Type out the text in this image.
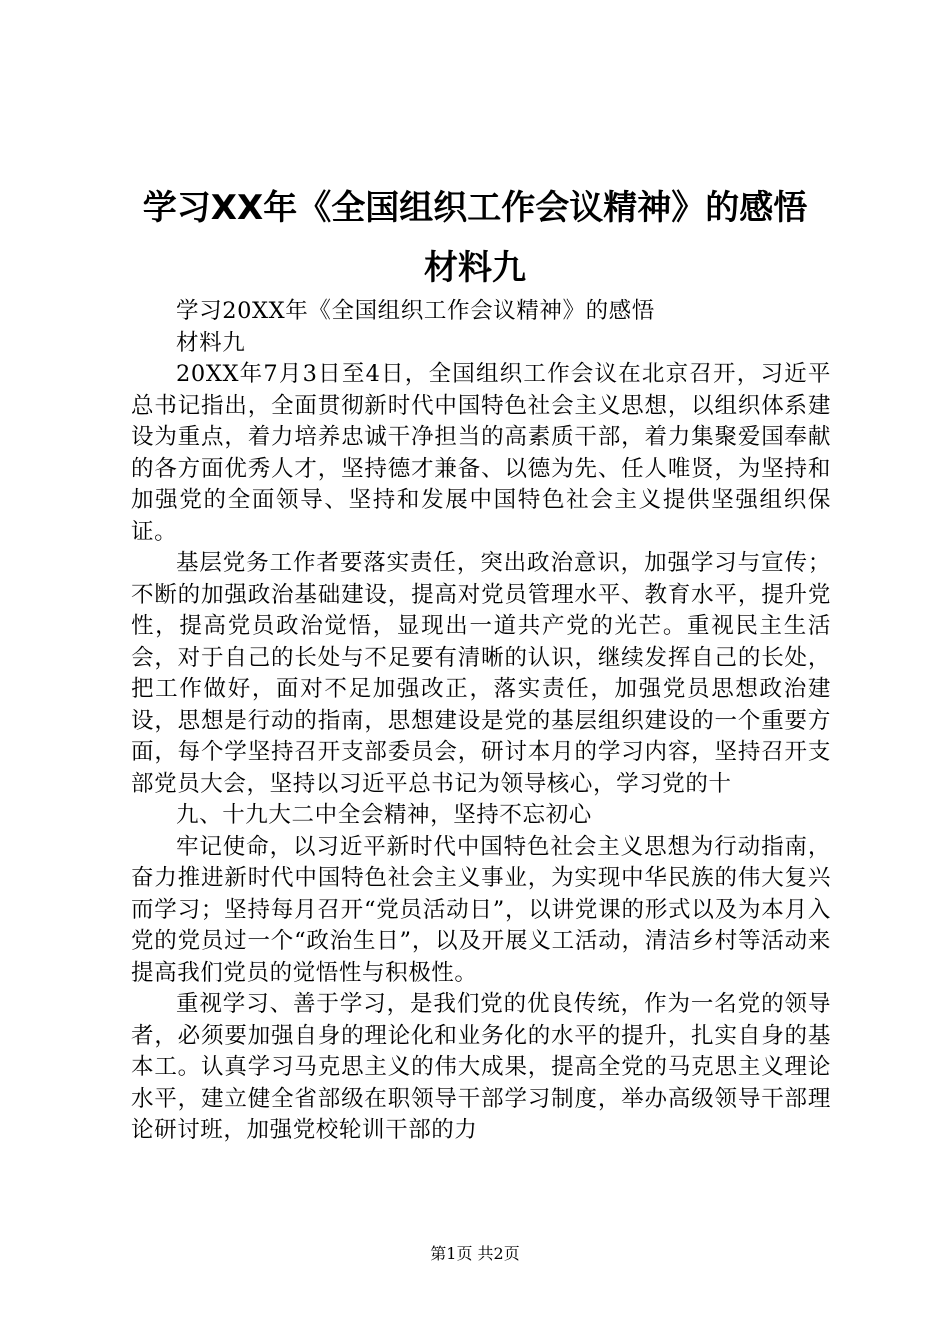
学习XX年《全国组织工作会议精神》的感悟
材料九

学习20XX年《全国组织工作会议精神》的感悟

材料九

20XX年7月3日至4日，全国组织工作会议在北京召开，习近平总书记指出，全面贯彻新时代中国特色社会主义思想，以组织体系建设为重点，着力培养忠诚干净担当的高素质干部，着力集聚爱国奉献的各方面优秀人才，坚持德才兼备、以德为先、任人唯贤，为坚持和加强党的全面领导、坚持和发展中国特色社会主义提供坚强组织保证。

基层党务工作者要落实责任，突出政治意识，加强学习与宣传；不断的加强政治基础建设，提高对党员管理水平、教育水平，提升党性，提高党员政治觉悟，显现出一道共产党的光芒。重视民主生活会，对于自己的长处与不足要有清晰的认识，继续发挥自己的长处，把工作做好，面对不足加强改正，落实责任，加强党员思想政治建设，思想是行动的指南，思想建设是党的基层组织建设的一个重要方面，每个学坚持召开支部委员会，研讨本月的学习内容，坚持召开支部党员大会，坚持以习近平总书记为领导核心，学习党的十

九、十九大二中全会精神，坚持不忘初心

牢记使命，以习近平新时代中国特色社会主义思想为行动指南，奋力推进新时代中国特色社会主义事业，为实现中华民族的伟大复兴而学习；坚持每月召开“党员活动日”，以讲党课的形式以及为本月入党的党员过一个“政治生日”，以及开展义工活动，清洁乡村等活动来提高我们党员的觉悟性与积极性。

重视学习、善于学习，是我们党的优良传统，作为一名党的领导者，必须要加强自身的理论化和业务化的水平的提升，扎实自身的基本工。认真学习马克思主义的伟大成果，提高全党的马克思主义理论水平，建立健全省部级在职领导干部学习制度，举办高级领导干部理论研讨班，加强党校轮训干部的力

第1页 共2页
